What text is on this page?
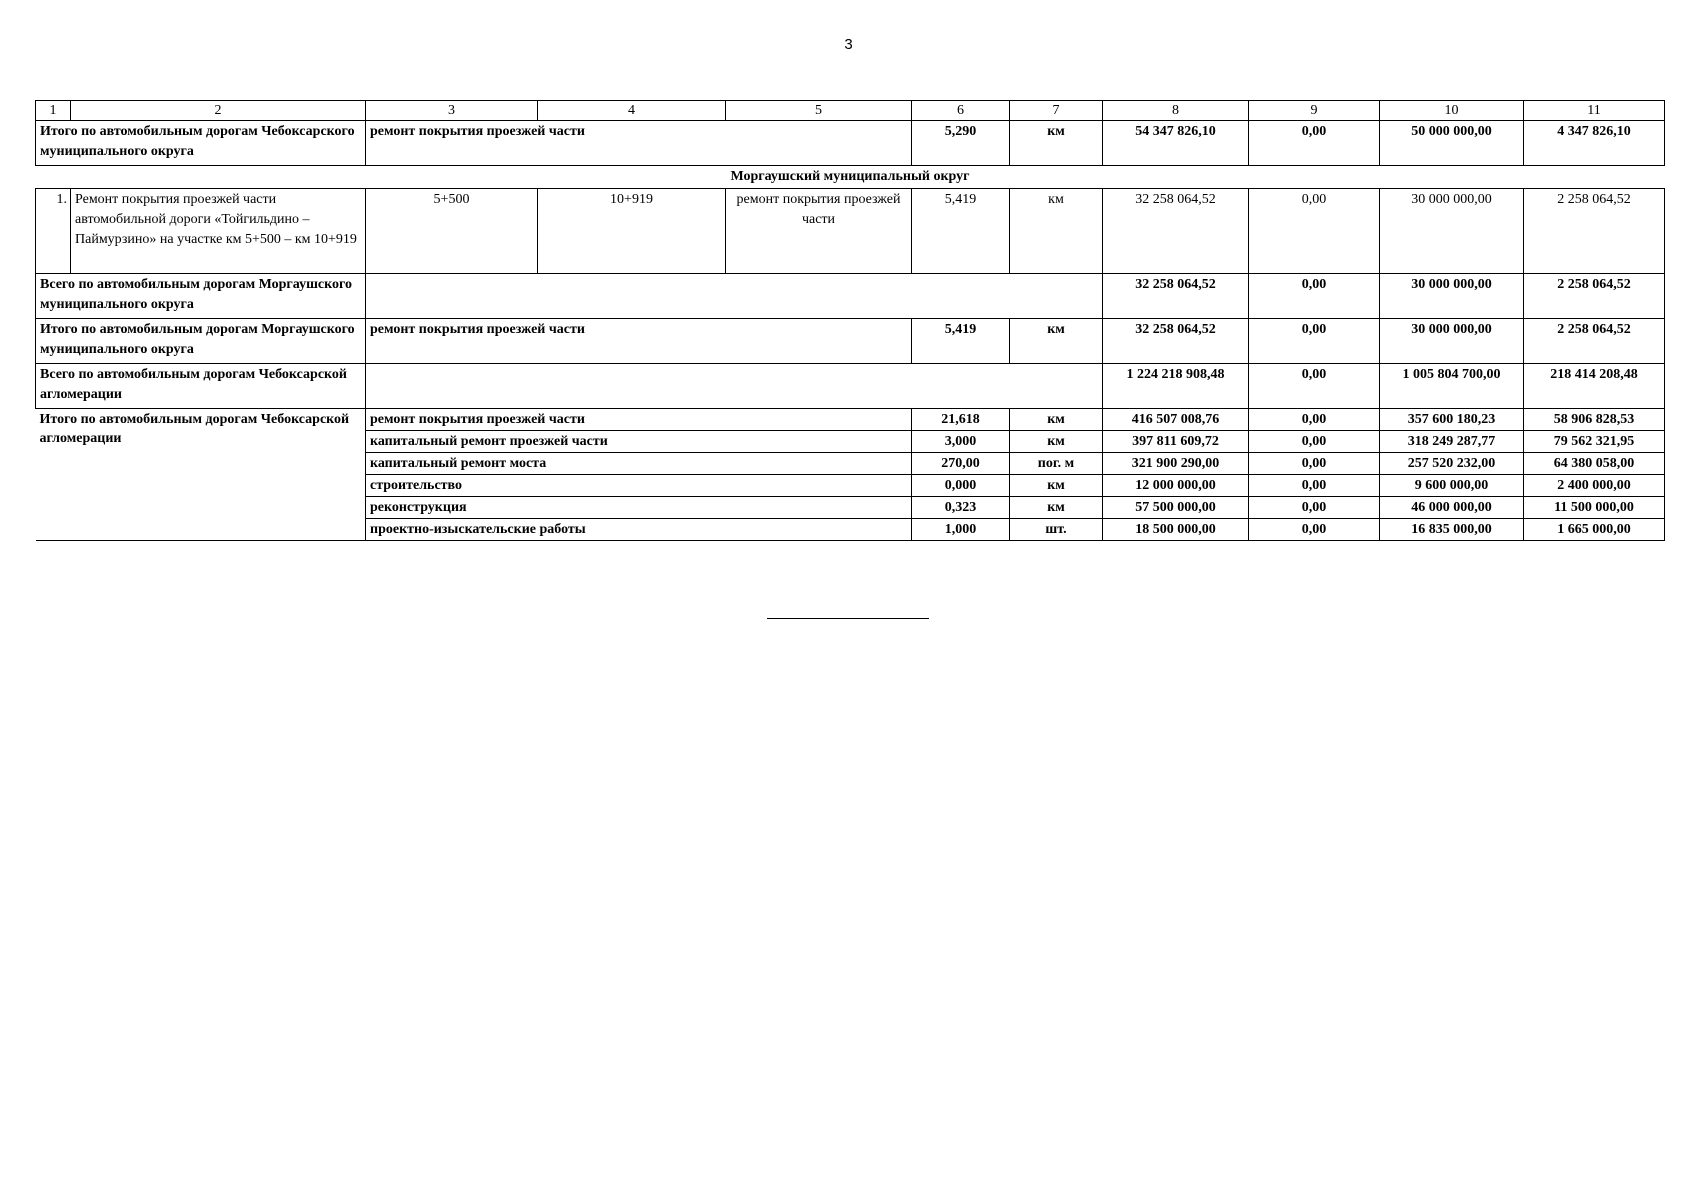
3
1	2	3	4	5	6	7	8	9	10	11
Итого по автомобильным дорогам Чебоксарского муниципального округа		ремонт покрытия проезжей части			5,290	км	54 347 826,10	0,00	50 000 000,00	4 347 826,10
Моргаушский муниципальный округ										
1.	Ремонт покрытия проезжей части автомобильной дороги «Тойгильдино – Паймурзино» на участке км 5+500 – км 10+919	5+500	10+919	ремонт покрытия проезжей части	5,419	км	32 258 064,52	0,00	30 000 000,00	2 258 064,52
Всего по автомобильным дорогам Моргаушского муниципального округа							32 258 064,52	0,00	30 000 000,00	2 258 064,52
Итого по автомобильным дорогам Моргаушского муниципального округа		ремонт покрытия проезжей части			5,419	км	32 258 064,52	0,00	30 000 000,00	2 258 064,52
Всего по автомобильным дорогам Чебоксарской агломерации							1 224 218 908,48	0,00	1 005 804 700,00	218 414 208,48
Итого по автомобильным дорогам Чебоксарской агломерации		ремонт покрытия проезжей части			21,618	км	416 507 008,76	0,00	357 600 180,23	58 906 828,53
		капитальный ремонт проезжей части			3,000	км	397 811 609,72	0,00	318 249 287,77	79 562 321,95
		капитальный ремонт моста			270,00	пог. м	321 900 290,00	0,00	257 520 232,00	64 380 058,00
		строительство			0,000	км	12 000 000,00	0,00	9 600 000,00	2 400 000,00
		реконструкция			0,323	км	57 500 000,00	0,00	46 000 000,00	11 500 000,00
		проектно-изыскательские работы			1,000	шт.	18 500 000,00	0,00	16 835 000,00	1 665 000,00
